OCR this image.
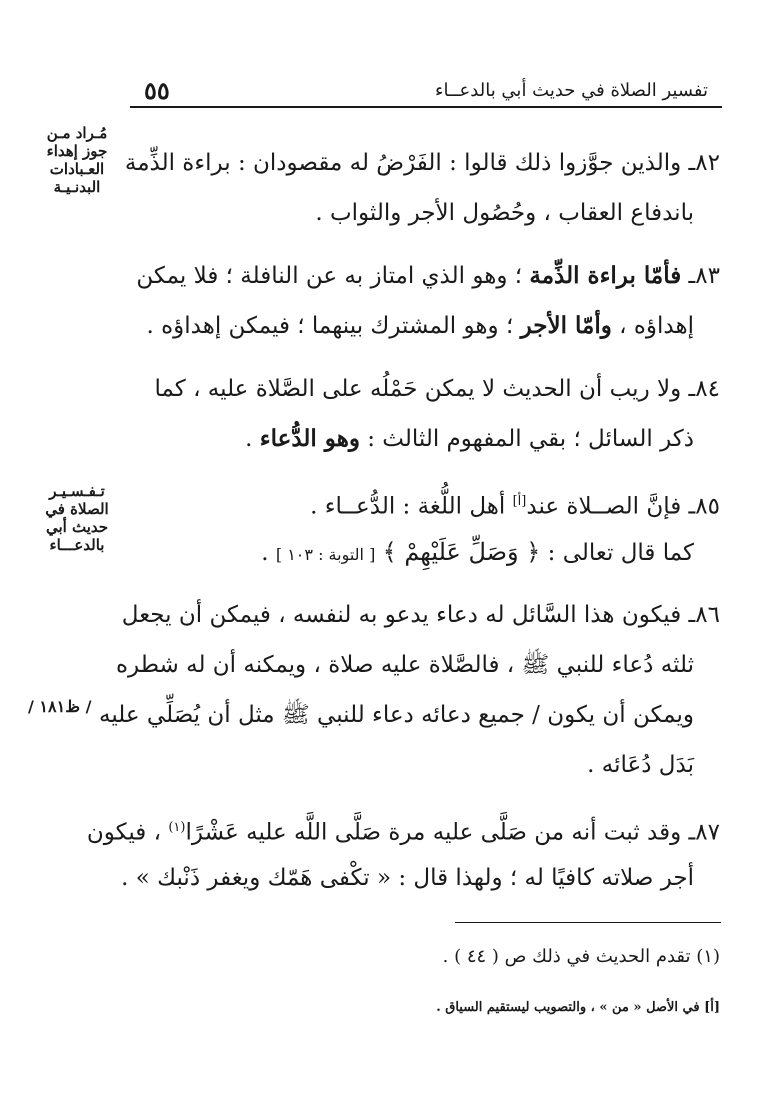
٥٥	تفسير الصلاة في حديث أبي بالدعــاء
مُـراد مـن
جوز إهداء
العـبادات
البدنـيـة
تـفـسـيـر
الصلاة في
حديث أبي
بالدعـــاء
/ ظ١٨١ /
٨٢ـ والذين جوَّزوا ذلك قالوا : الفَرْضُ له مقصودان : براءة الذِّمة
باندفاع العقاب ، وحُصُول الأجر والثواب .
٨٣ـ فأمّا براءة الذِّمة ؛ وهو الذي امتاز به عن النافلة ؛ فلا يمكن
إهداؤه ، وأمّا الأجر ؛ وهو المشترك بينهما ؛ فيمكن إهداؤه .
٨٤ـ ولا ريب أن الحديث لا يمكن حَمْلُه على الصَّلاة عليه ، كما
ذكر السائل ؛ بقي المفهوم الثالث : وهو الدُّعاء .
٨٥ـ فإنَّ الصــلاة عند[أ] أهل اللُّغة : الدُّعــاء .
كما قال تعالى : ﴿ وَصَلِّ عَلَيْهِمْ ﴾ [ التوبة : ١٠٣ ] .
٨٦ـ فيكون هذا السَّائل له دعاء يدعو به لنفسه ، فيمكن أن يجعل
ثلثه دُعاء للنبي ﷺ ، فالصَّلاة عليه صلاة ، ويمكنه أن له شطره
ويمكن أن يكون / جميع دعائه دعاء للنبي ﷺ مثل أن يُصَلِّي عليه
بَدَل دُعَائه .
٨٧ـ وقد ثبت أنه من صَلَّى عليه مرة صَلَّى اللَّه عليه عَشْرًا$^{(١)}$ ، فيكون
أجر صلاته كافيًا له ؛ ولهذا قال : « تكْفى هَمّك ويغفر ذَنْبك » .
(١) تقدم الحديث في ذلك ص ( ٤٤ ) .
[أ] في الأصل « من » ، والتصويب ليستقيم السياق .
